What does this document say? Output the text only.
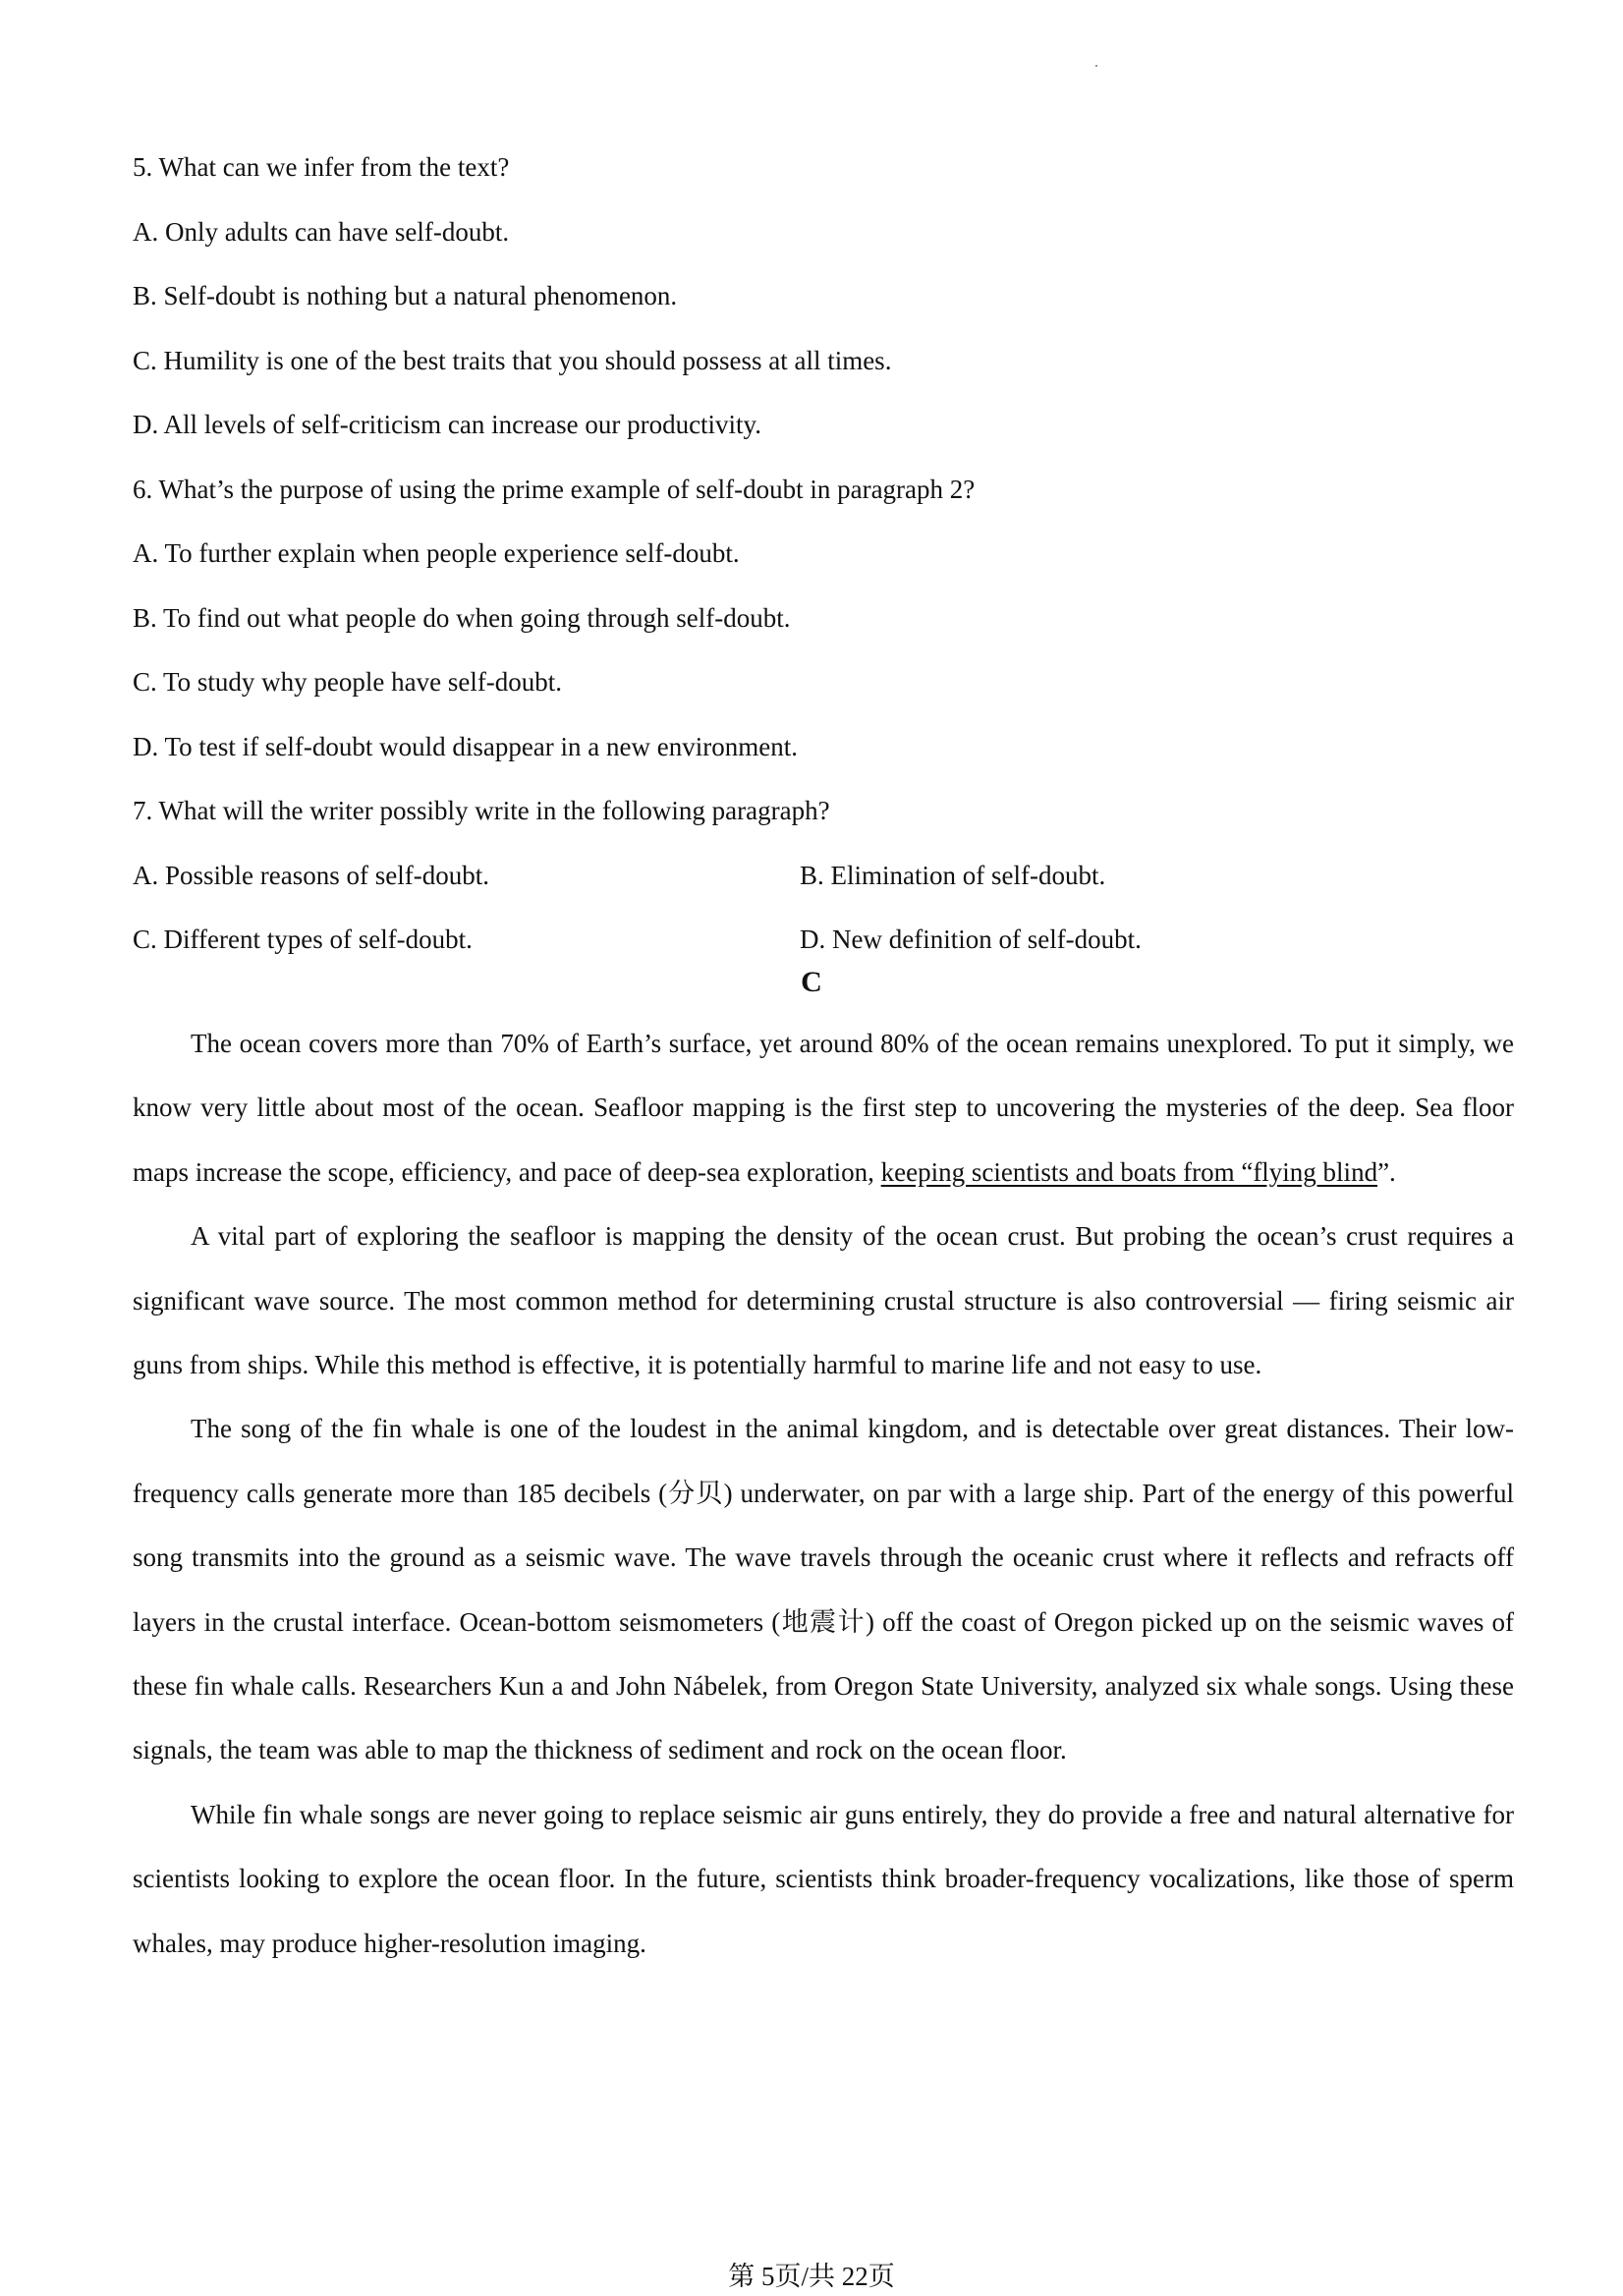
5. What can we infer from the text?
A. Only adults can have self-doubt.
B. Self-doubt is nothing but a natural phenomenon.
C. Humility is one of the best traits that you should possess at all times.
D. All levels of self-criticism can increase our productivity.
6. What’s the purpose of using the prime example of self-doubt in paragraph 2?
A. To further explain when people experience self-doubt.
B. To find out what people do when going through self-doubt.
C. To study why people have self-doubt.
D. To test if self-doubt would disappear in a new environment.
7. What will the writer possibly write in the following paragraph?
A. Possible reasons of self-doubt.	B. Elimination of self-doubt.
C. Different types of self-doubt.	D. New definition of self-doubt.
C

The ocean covers more than 70% of Earth’s surface, yet around 80% of the ocean remains unexplored. To put it simply, we know very little about most of the ocean. Seafloor mapping is the first step to uncovering the mysteries of the deep. Sea floor maps increase the scope, efficiency, and pace of deep-sea exploration, keeping scientists and boats from “flying blind”.

A vital part of exploring the seafloor is mapping the density of the ocean crust. But probing the ocean’s crust requires a significant wave source. The most common method for determining crustal structure is also controversial — firing seismic air guns from ships. While this method is effective, it is potentially harmful to marine life and not easy to use.

The song of the fin whale is one of the loudest in the animal kingdom, and is detectable over great distances. Their low-frequency calls generate more than 185 decibels (分贝) underwater, on par with a large ship. Part of the energy of this powerful song transmits into the ground as a seismic wave. The wave travels through the oceanic crust where it reflects and refracts off layers in the crustal interface. Ocean-bottom seismometers (地震计) off the coast of Oregon picked up on the seismic waves of these fin whale calls. Researchers Kun a and John Nábelek, from Oregon State University, analyzed six whale songs. Using these signals, the team was able to map the thickness of sediment and rock on the ocean floor.

While fin whale songs are never going to replace seismic air guns entirely, they do provide a free and natural alternative for scientists looking to explore the ocean floor. In the future, scientists think broader-frequency vocalizations, like those of sperm whales, may produce higher-resolution imaging.

第 5页/共 22页
